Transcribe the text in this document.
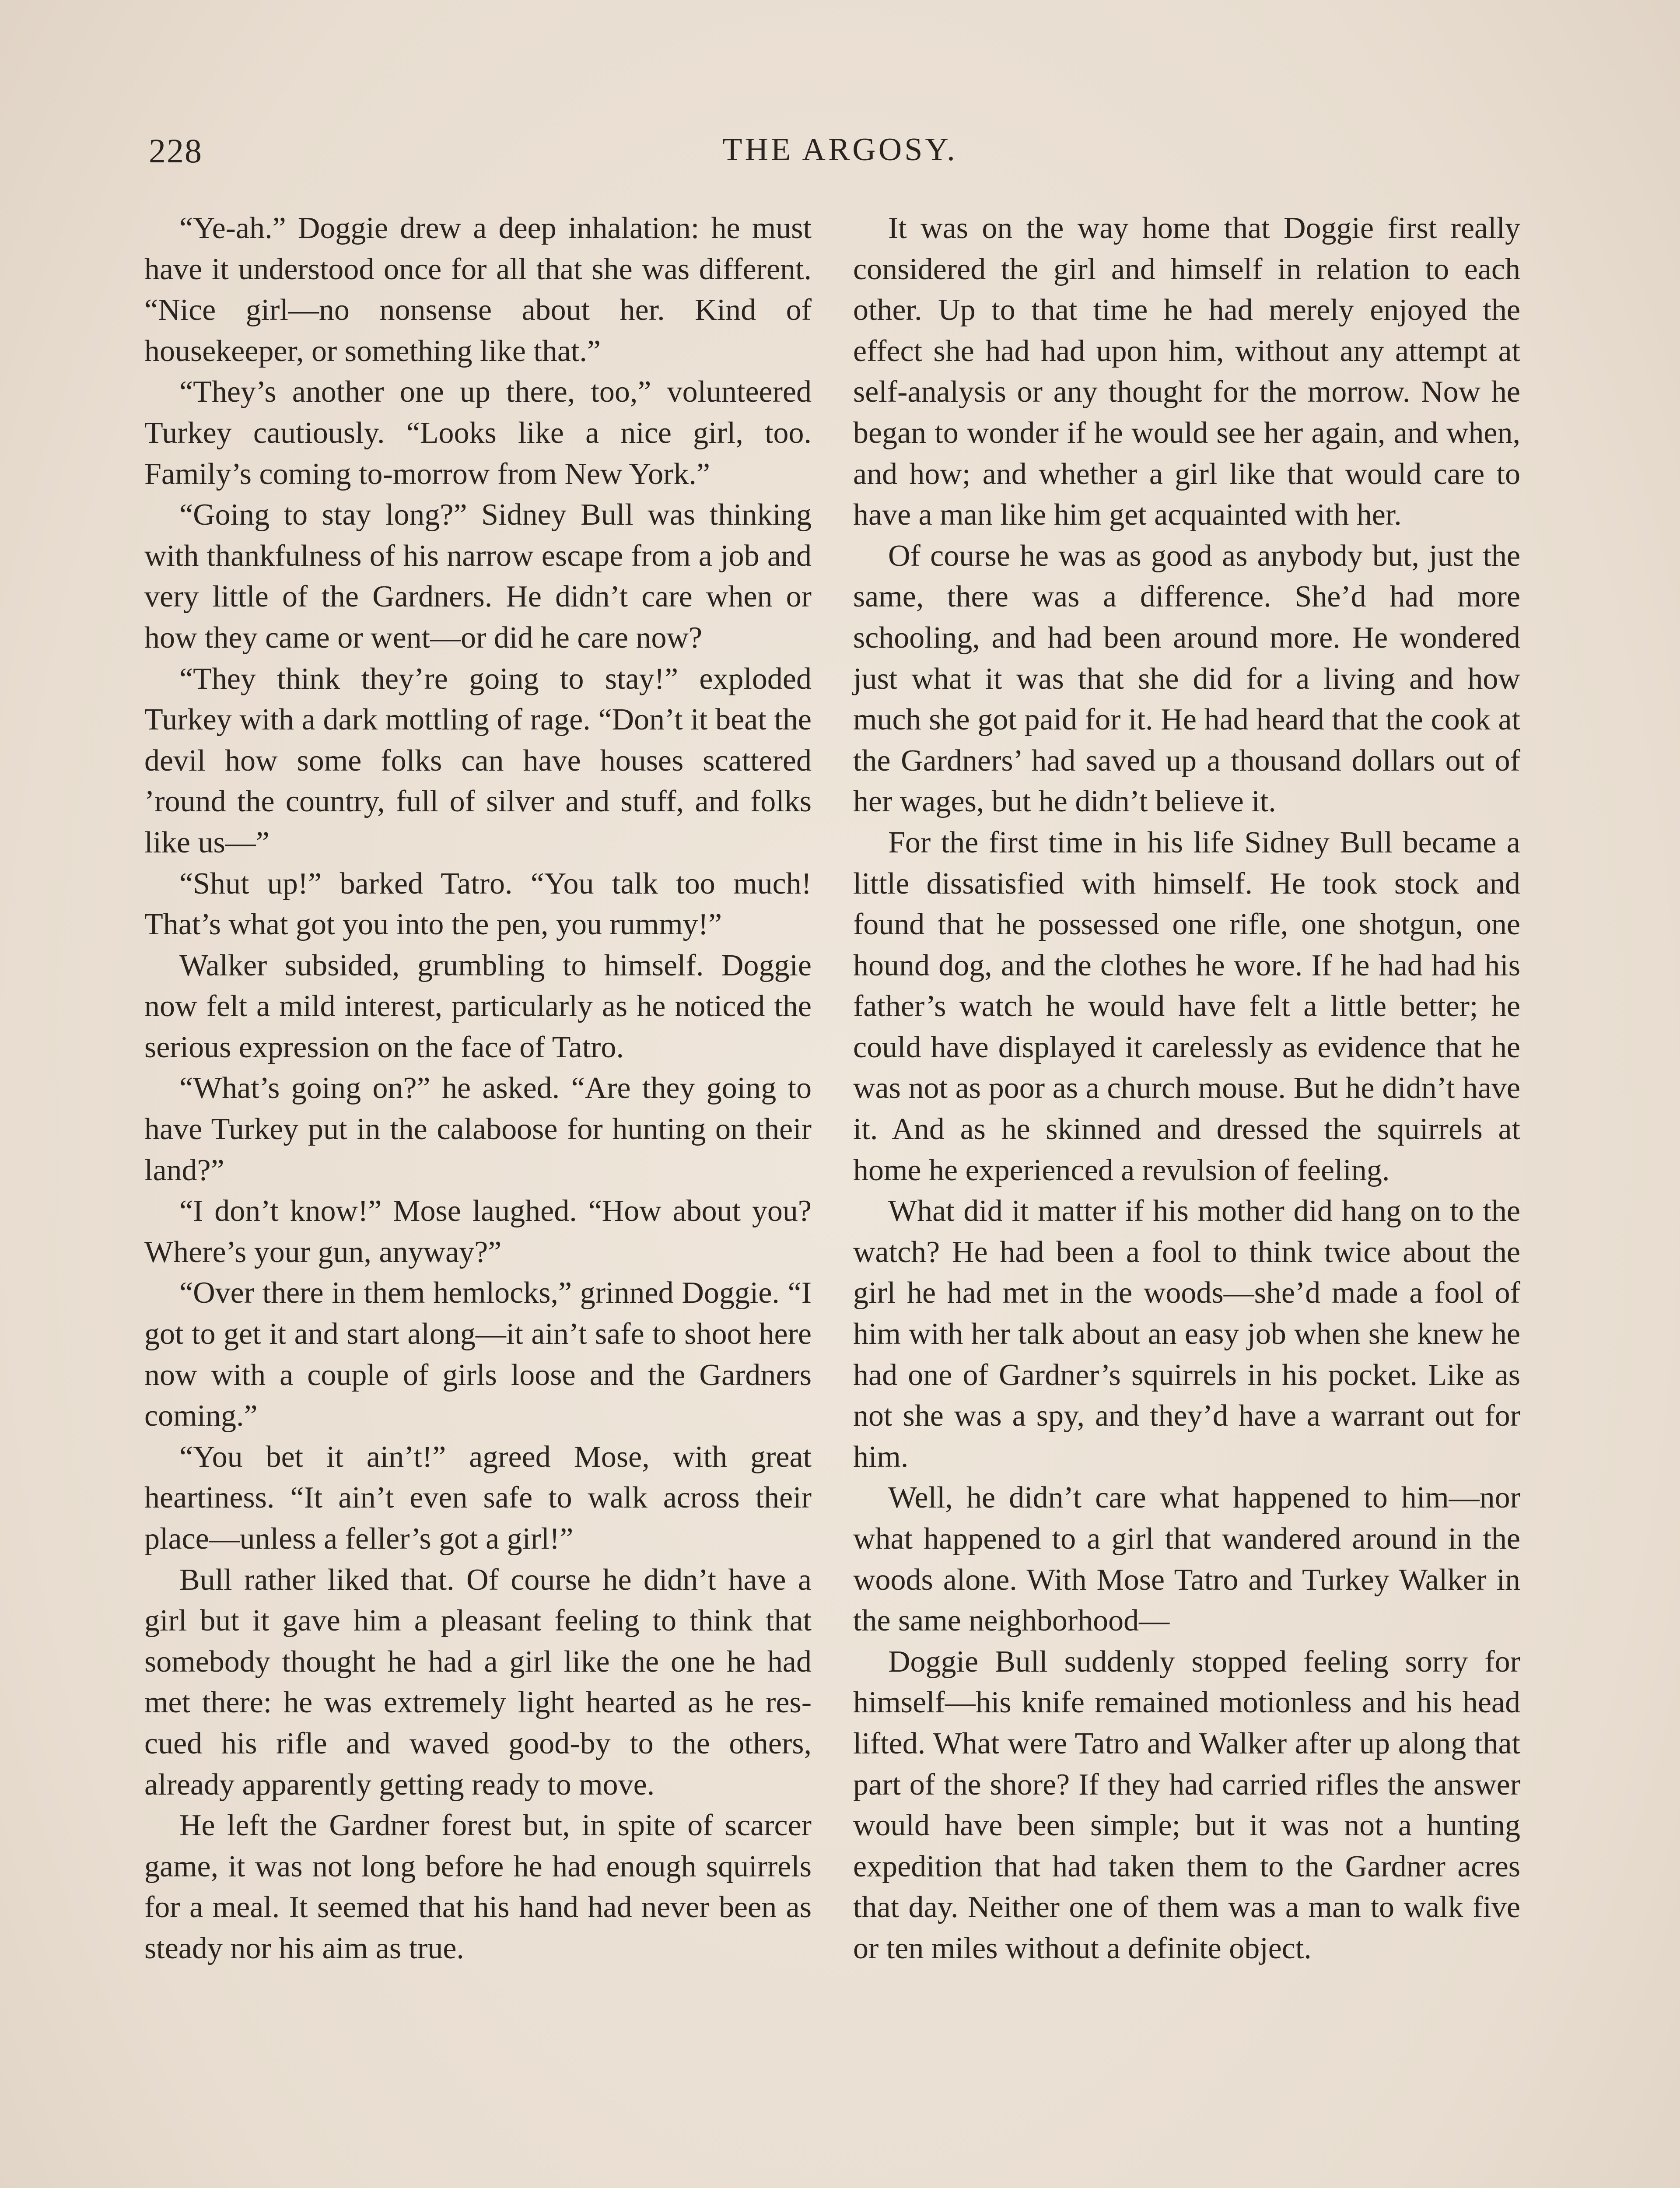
228	THE ARGOSY.

“Ye-ah.” Doggie drew a deep inhalation: he must have it understood once for all that she was different. “Nice girl—no nonsense about her. Kind of housekeeper, or something like that.”

“They’s another one up there, too,” volunteered Turkey cautiously. “Looks like a nice girl, too. Family’s coming to-morrow from New York.”

“Going to stay long?” Sidney Bull was thinking with thankfulness of his narrow escape from a job and very little of the Gardners. He didn’t care when or how they came or went—or did he care now?

“They think they’re going to stay!” exploded Turkey with a dark mottling of rage. “Don’t it beat the devil how some folks can have houses scattered ’round the country, full of silver and stuff, and folks like us—”

“Shut up!” barked Tatro. “You talk too much! That’s what got you into the pen, you rummy!”

Walker subsided, grumbling to himself. Doggie now felt a mild interest, particularly as he noticed the serious expression on the face of Tatro.

“What’s going on?” he asked. “Are they going to have Turkey put in the calaboose for hunting on their land?”

“I don’t know!” Mose laughed. “How about you? Where’s your gun, anyway?”

“Over there in them hemlocks,” grinned Doggie. “I got to get it and start along—it ain’t safe to shoot here now with a couple of girls loose and the Gardners coming.”

“You bet it ain’t!” agreed Mose, with great heartiness. “It ain’t even safe to walk across their place—unless a feller’s got a girl!”

Bull rather liked that. Of course he didn’t have a girl but it gave him a pleasant feeling to think that somebody thought he had a girl like the one he had met there: he was extremely light hearted as he rescued his rifle and waved good-by to the others, already apparently getting ready to move.

He left the Gardner forest but, in spite of scarcer game, it was not long before he had enough squirrels for a meal. It seemed that his hand had never been as steady nor his aim as true.

It was on the way home that Doggie first really considered the girl and himself in relation to each other. Up to that time he had merely enjoyed the effect she had had upon him, without any attempt at self-analysis or any thought for the morrow. Now he began to wonder if he would see her again, and when, and how; and whether a girl like that would care to have a man like him get acquainted with her.

Of course he was as good as anybody but, just the same, there was a difference. She’d had more schooling, and had been around more. He wondered just what it was that she did for a living and how much she got paid for it. He had heard that the cook at the Gardners’ had saved up a thousand dollars out of her wages, but he didn’t believe it.

For the first time in his life Sidney Bull became a little dissatisfied with himself. He took stock and found that he possessed one rifle, one shotgun, one hound dog, and the clothes he wore. If he had had his father’s watch he would have felt a little better; he could have displayed it carelessly as evidence that he was not as poor as a church mouse. But he didn’t have it. And as he skinned and dressed the squirrels at home he experienced a revulsion of feeling.

What did it matter if his mother did hang on to the watch? He had been a fool to think twice about the girl he had met in the woods—she’d made a fool of him with her talk about an easy job when she knew he had one of Gardner’s squirrels in his pocket. Like as not she was a spy, and they’d have a warrant out for him.

Well, he didn’t care what happened to him—nor what happened to a girl that wandered around in the woods alone. With Mose Tatro and Turkey Walker in the same neighborhood—

Doggie Bull suddenly stopped feeling sorry for himself—his knife remained motionless and his head lifted. What were Tatro and Walker after up along that part of the shore? If they had carried rifles the answer would have been simple; but it was not a hunting expedition that had taken them to the Gardner acres that day. Neither one of them was a man to walk five or ten miles without a definite object.
